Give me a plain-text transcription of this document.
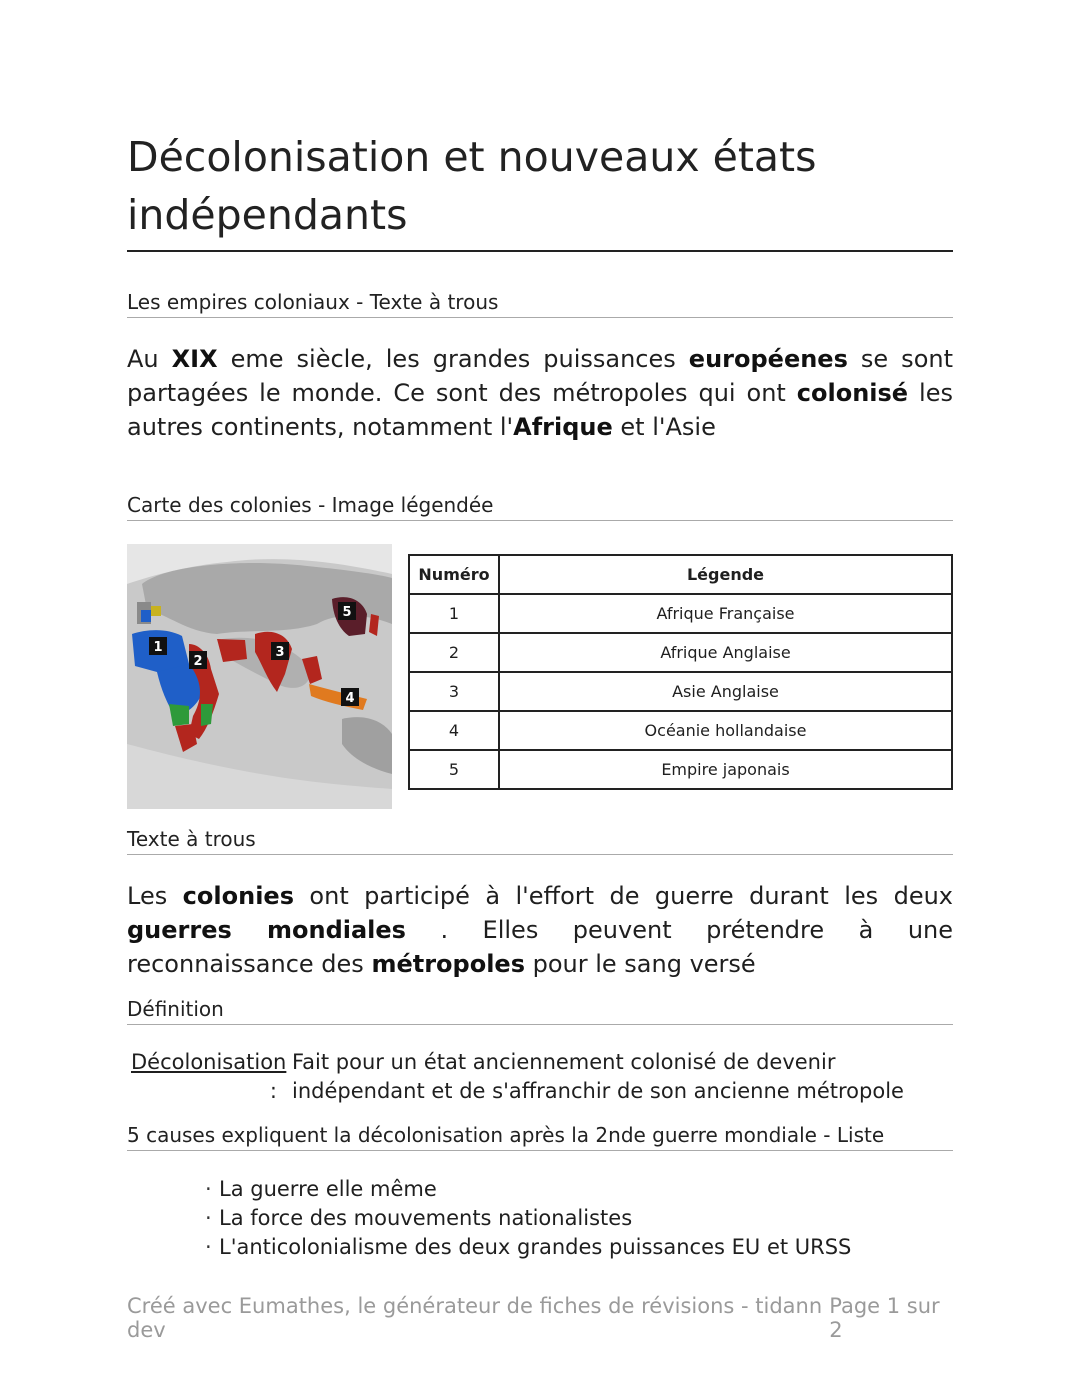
Décolonisation et nouveaux états indépendants
Les empires coloniaux - Texte à trous
Au XIX eme siècle, les grandes puissances européenes se sont partagées le monde. Ce sont des métropoles qui ont colonisé les autres continents, notamment l'Afrique et l'Asie
Carte des colonies - Image légendée
1
2
3
4
5
Numéro	Légende
1	Afrique Française
2	Afrique Anglaise
3	Asie Anglaise
4	Océanie hollandaise
5	Empire japonais
Texte à trous
Les colonies ont participé à l'effort de guerre durant les deux guerres mondiales . Elles peuvent prétendre à une reconnaissance des métropoles pour le sang versé
Définition
Décolonisation
:
Fait pour un état anciennement colonisé de devenir indépendant et de s'affranchir de son ancienne métropole
5 causes expliquent la décolonisation après la 2nde guerre mondiale - Liste
· La guerre elle même
· La force des mouvements nationalistes
· L'anticolonialisme des deux grandes puissances EU et URSS
Créé avec Eumathes, le générateur de fiches de révisions - tidann dev
Page 1 sur 2
